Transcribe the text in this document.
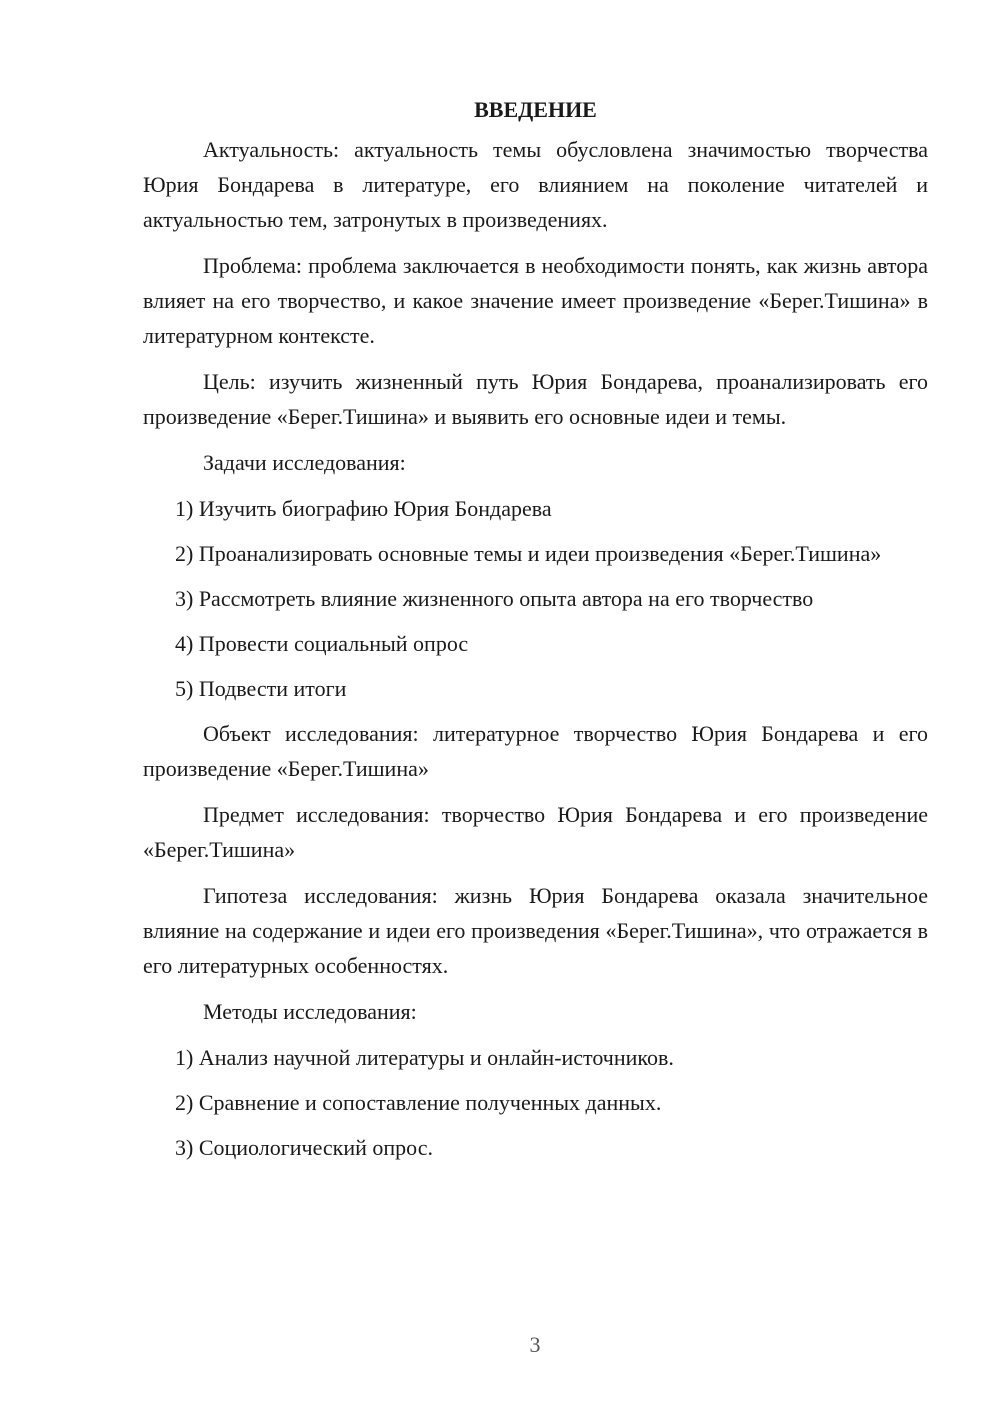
ВВЕДЕНИЕ

Актуальность: актуальность темы обусловлена значимостью творчества Юрия Бондарева в литературе, его влиянием на поколение читателей и актуальностью тем, затронутых в произведениях.

Проблема: проблема заключается в необходимости понять, как жизнь автора влияет на его творчество, и какое значение имеет произведение «Берег.Тишина» в литературном контексте.

Цель: изучить жизненный путь Юрия Бондарева, проанализировать его произведение «Берег.Тишина» и выявить его основные идеи и темы.

Задачи исследования:

1) Изучить биографию Юрия Бондарева

2) Проанализировать основные темы и идеи произведения «Берег.Тишина»

3) Рассмотреть влияние жизненного опыта автора на его творчество

4) Провести социальный опрос

5) Подвести итоги

Объект исследования: литературное творчество Юрия Бондарева и его произведение «Берег.Тишина»

Предмет исследования: творчество Юрия Бондарева и его произведение «Берег.Тишина»

Гипотеза исследования: жизнь Юрия Бондарева оказала значительное влияние на содержание и идеи его произведения «Берег.Тишина», что отражается в его литературных особенностях.

Методы исследования:

1) Анализ научной литературы и онлайн-источников.

2) Сравнение и сопоставление полученных данных.

3) Социологический опрос.

3
